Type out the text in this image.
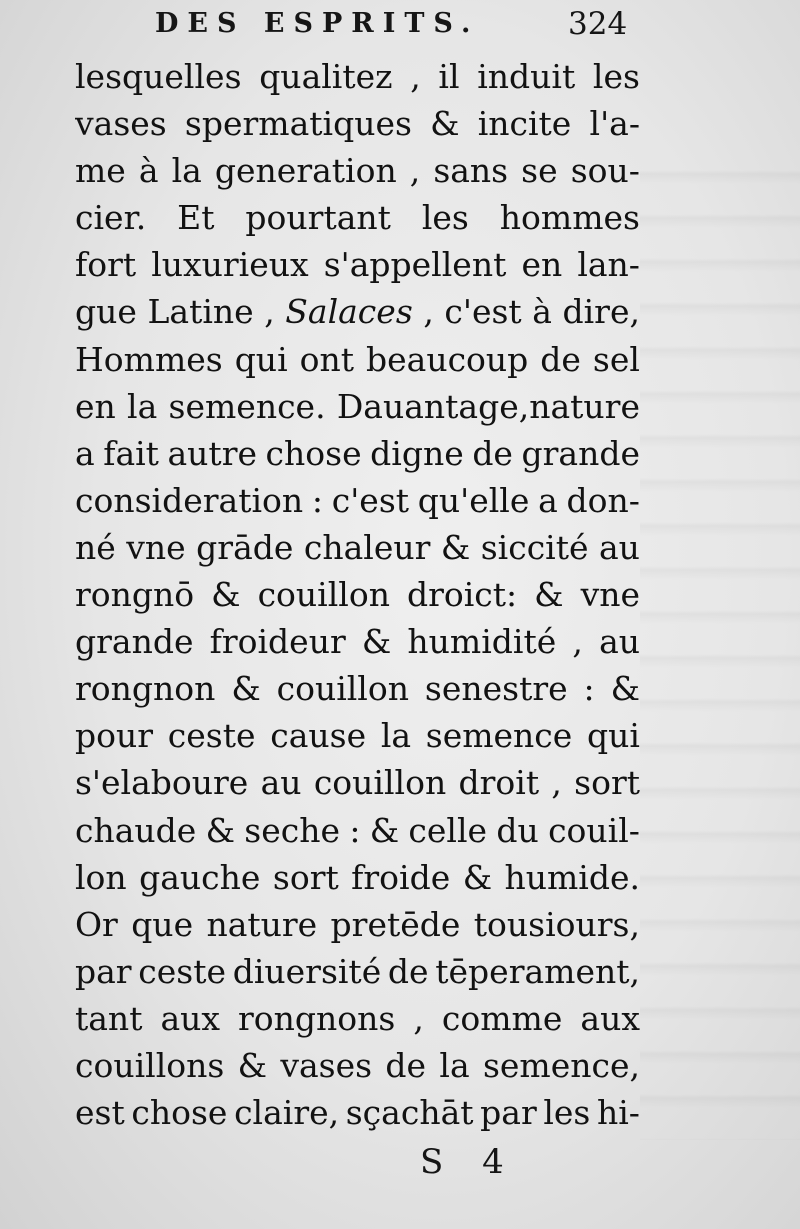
DES ESPRITS.	324
lesquelles qualitez , il induit les
vases spermatiques & incite l'a-
me à la generation , sans se sou-
cier. Et pourtant les hommes
fort luxurieux s'appellent en lan-
gue Latine , Salaces , c'est à dire,
Hommes qui ont beaucoup de sel
en la semence. Dauantage,nature
a fait autre chose digne de grande
consideration : c'est qu'elle a don-
né vne grāde chaleur & siccité au
rongnō & couillon droict: & vne
grande froideur & humidité , au
rongnon & couillon senestre : &
pour ceste cause la semence qui
s'elaboure au couillon droit , sort
chaude & seche : & celle du couil-
lon gauche sort froide & humide.
Or que nature pretēde tousiours,
par ceste diuersité de tēperament,
tant aux rongnons , comme aux
couillons & vases de la semence,
est chose claire, sçachāt par les hi-
S 4
